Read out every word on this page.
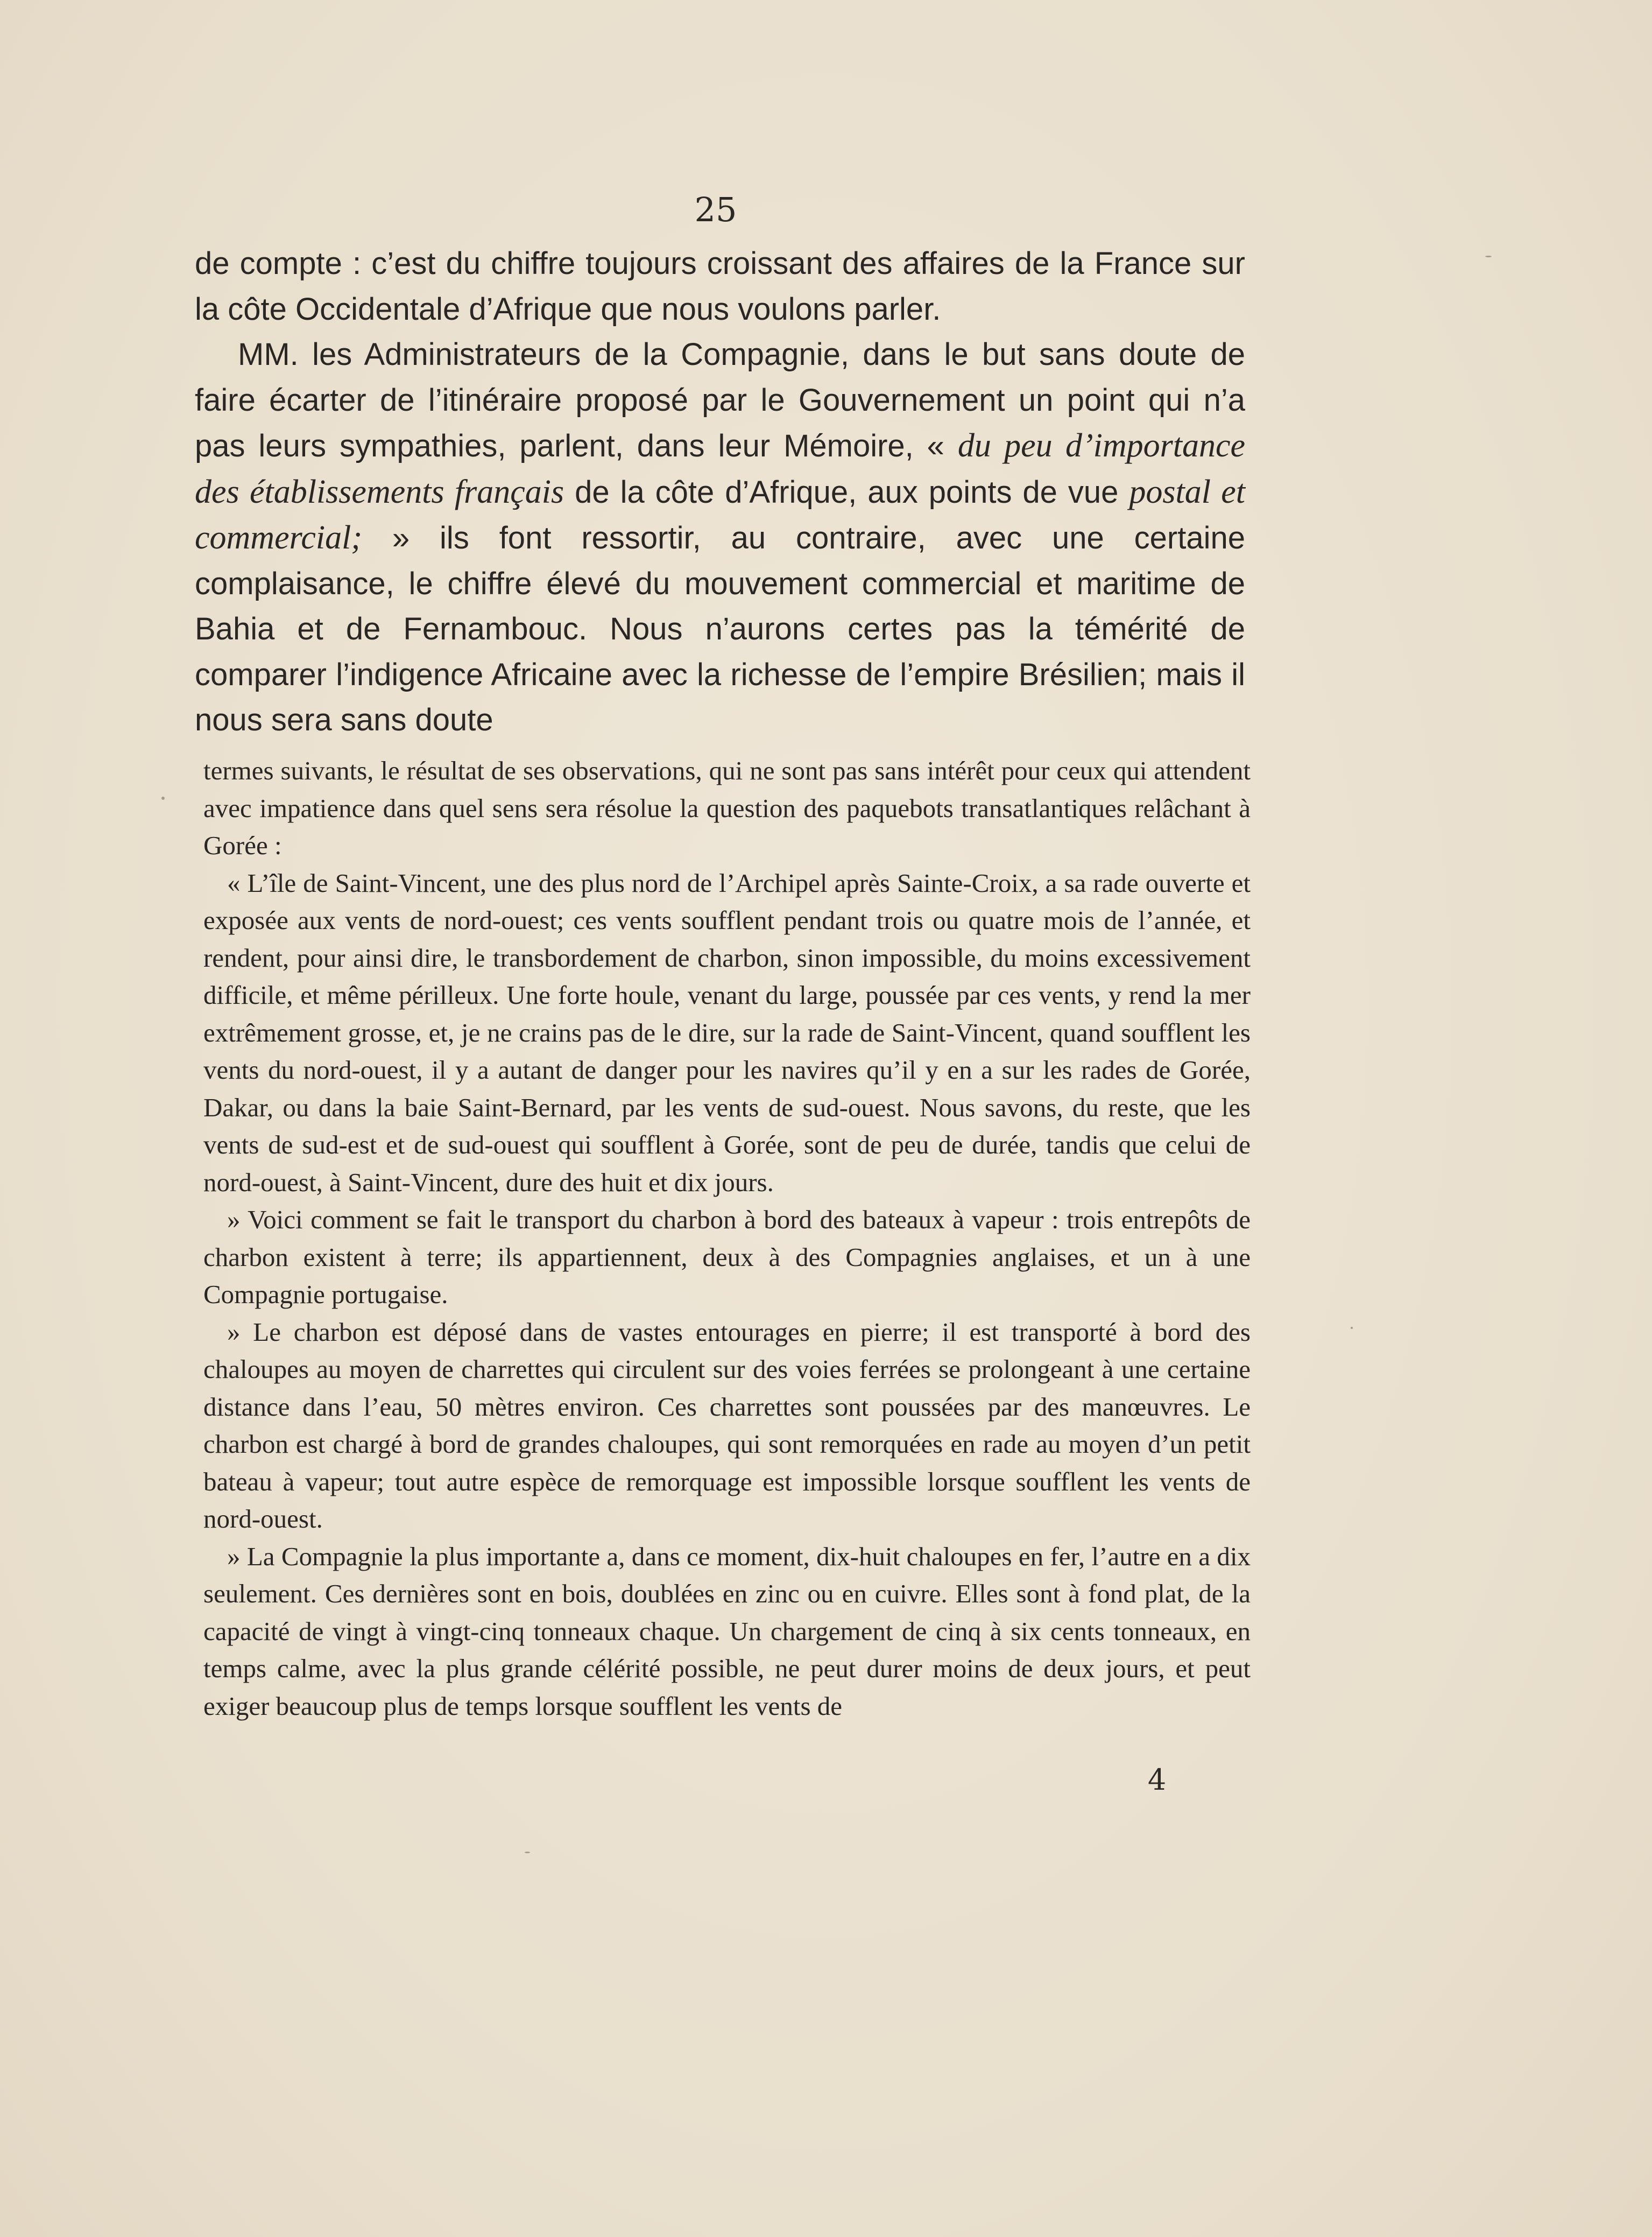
25

de compte : c’est du chiffre toujours croissant des affaires de la France sur la côte Occidentale d’Afrique que nous voulons parler.

MM. les Administrateurs de la Compagnie, dans le but sans doute de faire écarter de l’itinéraire proposé par le Gouvernement un point qui n’a pas leurs sympathies, parlent, dans leur Mémoire, « du peu d’importance des établissements français de la côte d’Afrique, aux points de vue postal et commercial; » ils font ressortir, au contraire, avec une certaine complaisance, le chiffre élevé du mouvement commercial et maritime de Bahia et de Fernambouc. Nous n’aurons certes pas la témérité de comparer l’indigence Africaine avec la richesse de l’empire Brésilien; mais il nous sera sans doute

termes suivants, le résultat de ses observations, qui ne sont pas sans intérêt pour ceux qui attendent avec impatience dans quel sens sera résolue la question des paquebots transatlantiques relâchant à Gorée :

« L’île de Saint-Vincent, une des plus nord de l’Archipel après Sainte-Croix, a sa rade ouverte et exposée aux vents de nord-ouest; ces vents soufflent pendant trois ou quatre mois de l’année, et rendent, pour ainsi dire, le transbordement de charbon, sinon impossible, du moins excessivement difficile, et même périlleux. Une forte houle, venant du large, poussée par ces vents, y rend la mer extrêmement grosse, et, je ne crains pas de le dire, sur la rade de Saint-Vincent, quand soufflent les vents du nord-ouest, il y a autant de danger pour les navires qu’il y en a sur les rades de Gorée, Dakar, ou dans la baie Saint-Bernard, par les vents de sud-ouest. Nous savons, du reste, que les vents de sud-est et de sud-ouest qui soufflent à Gorée, sont de peu de durée, tandis que celui de nord-ouest, à Saint-Vincent, dure des huit et dix jours.

» Voici comment se fait le transport du charbon à bord des bateaux à vapeur : trois entrepôts de charbon existent à terre; ils appartiennent, deux à des Compagnies anglaises, et un à une Compagnie portugaise.

» Le charbon est déposé dans de vastes entourages en pierre; il est transporté à bord des chaloupes au moyen de charrettes qui circulent sur des voies ferrées se prolongeant à une certaine distance dans l’eau, 50 mètres environ. Ces charrettes sont poussées par des manœuvres. Le charbon est chargé à bord de grandes chaloupes, qui sont remorquées en rade au moyen d’un petit bateau à vapeur; tout autre espèce de remorquage est impossible lorsque soufflent les vents de nord-ouest.

» La Compagnie la plus importante a, dans ce moment, dix-huit chaloupes en fer, l’autre en a dix seulement. Ces dernières sont en bois, doublées en zinc ou en cuivre. Elles sont à fond plat, de la capacité de vingt à vingt-cinq tonneaux chaque. Un chargement de cinq à six cents tonneaux, en temps calme, avec la plus grande célérité possible, ne peut durer moins de deux jours, et peut exiger beaucoup plus de temps lorsque soufflent les vents de

4
